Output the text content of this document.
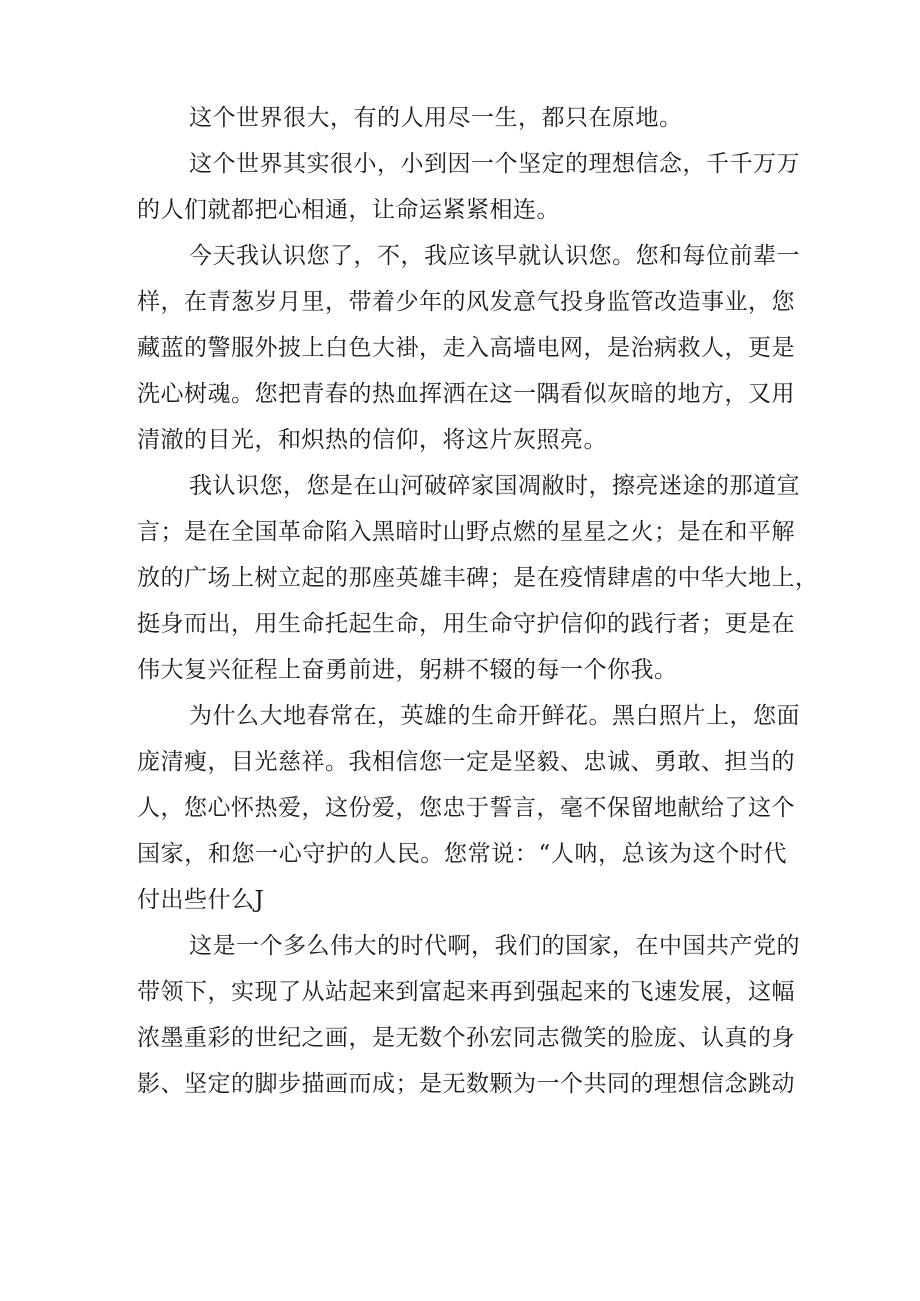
这个世界很大，有的人用尽一生，都只在原地。
这个世界其实很小，小到因一个坚定的理想信念，千千万万
的人们就都把心相通，让命运紧紧相连。
今天我认识您了，不，我应该早就认识您。您和每位前辈一
样，在青葱岁月里，带着少年的风发意气投身监管改造事业，您
藏蓝的警服外披上白色大褂，走入高墙电网，是治病救人，更是
洗心树魂。您把青春的热血挥洒在这一隅看似灰暗的地方，又用
清澈的目光，和炽热的信仰，将这片灰照亮。
我认识您，您是在山河破碎家国凋敝时，擦亮迷途的那道宣
言；是在全国革命陷入黑暗时山野点燃的星星之火；是在和平解
放的广场上树立起的那座英雄丰碑；是在疫情肆虐的中华大地上，
挺身而出，用生命托起生命，用生命守护信仰的践行者；更是在
伟大复兴征程上奋勇前进，躬耕不辍的每一个你我。
为什么大地春常在，英雄的生命开鲜花。黑白照片上，您面
庞清瘦，目光慈祥。我相信您一定是坚毅、忠诚、勇敢、担当的
人，您心怀热爱，这份爱，您忠于誓言，毫不保留地献给了这个
国家，和您一心守护的人民。您常说：“人呐，总该为这个时代
付出些什么J
这是一个多么伟大的时代啊，我们的国家，在中国共产党的
带领下，实现了从站起来到富起来再到强起来的飞速发展，这幅
浓墨重彩的世纪之画，是无数个孙宏同志微笑的脸庞、认真的身
影、坚定的脚步描画而成；是无数颗为一个共同的理想信念跳动
